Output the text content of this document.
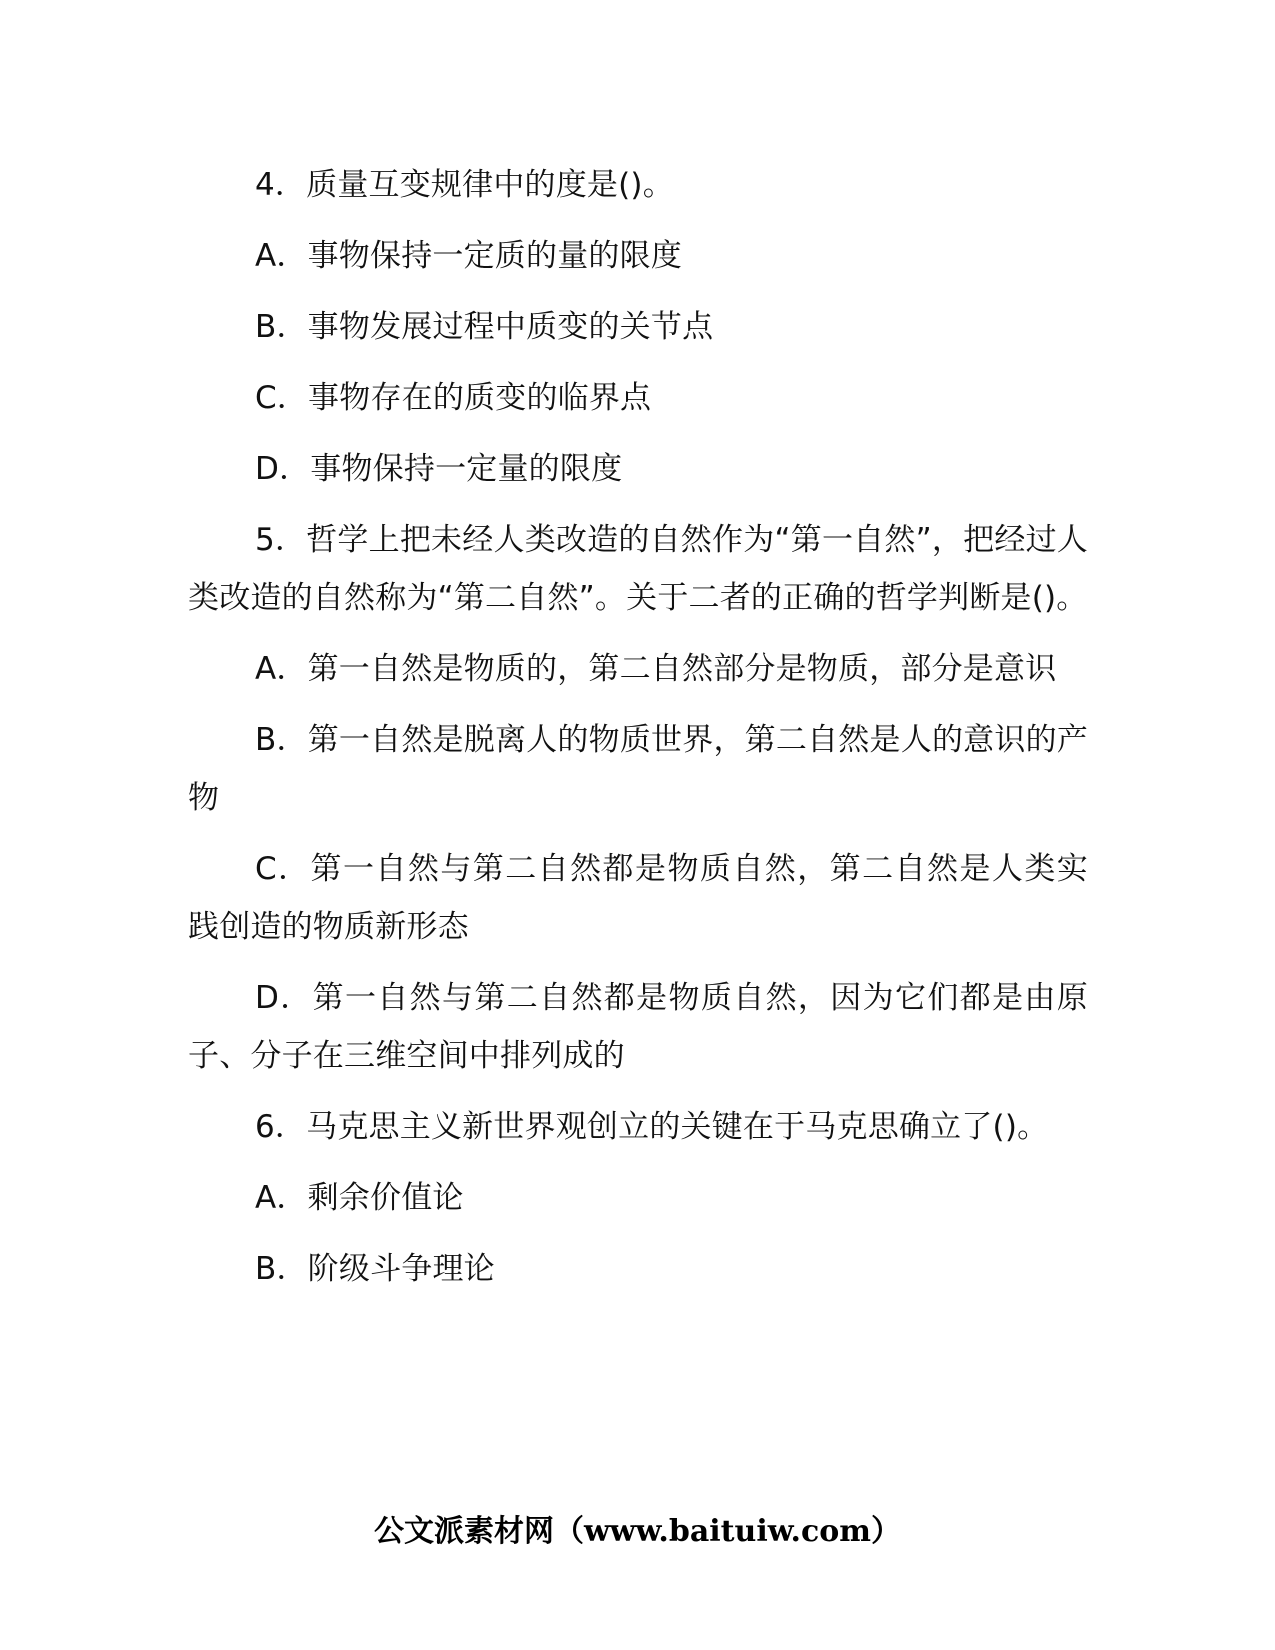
4．质量互变规律中的度是()。

A．事物保持一定质的量的限度

B．事物发展过程中质变的关节点

C．事物存在的质变的临界点

D．事物保持一定量的限度

5．哲学上把未经人类改造的自然作为“第一自然”，把经过人类改造的自然称为“第二自然”。关于二者的正确的哲学判断是()。

A．第一自然是物质的，第二自然部分是物质，部分是意识

B．第一自然是脱离人的物质世界，第二自然是人的意识的产物

C．第一自然与第二自然都是物质自然，第二自然是人类实践创造的物质新形态

D．第一自然与第二自然都是物质自然，因为它们都是由原子、分子在三维空间中排列成的

6．马克思主义新世界观创立的关键在于马克思确立了()。

A．剩余价值论

B．阶级斗争理论

公文派素材网（www.baituiw.com）
